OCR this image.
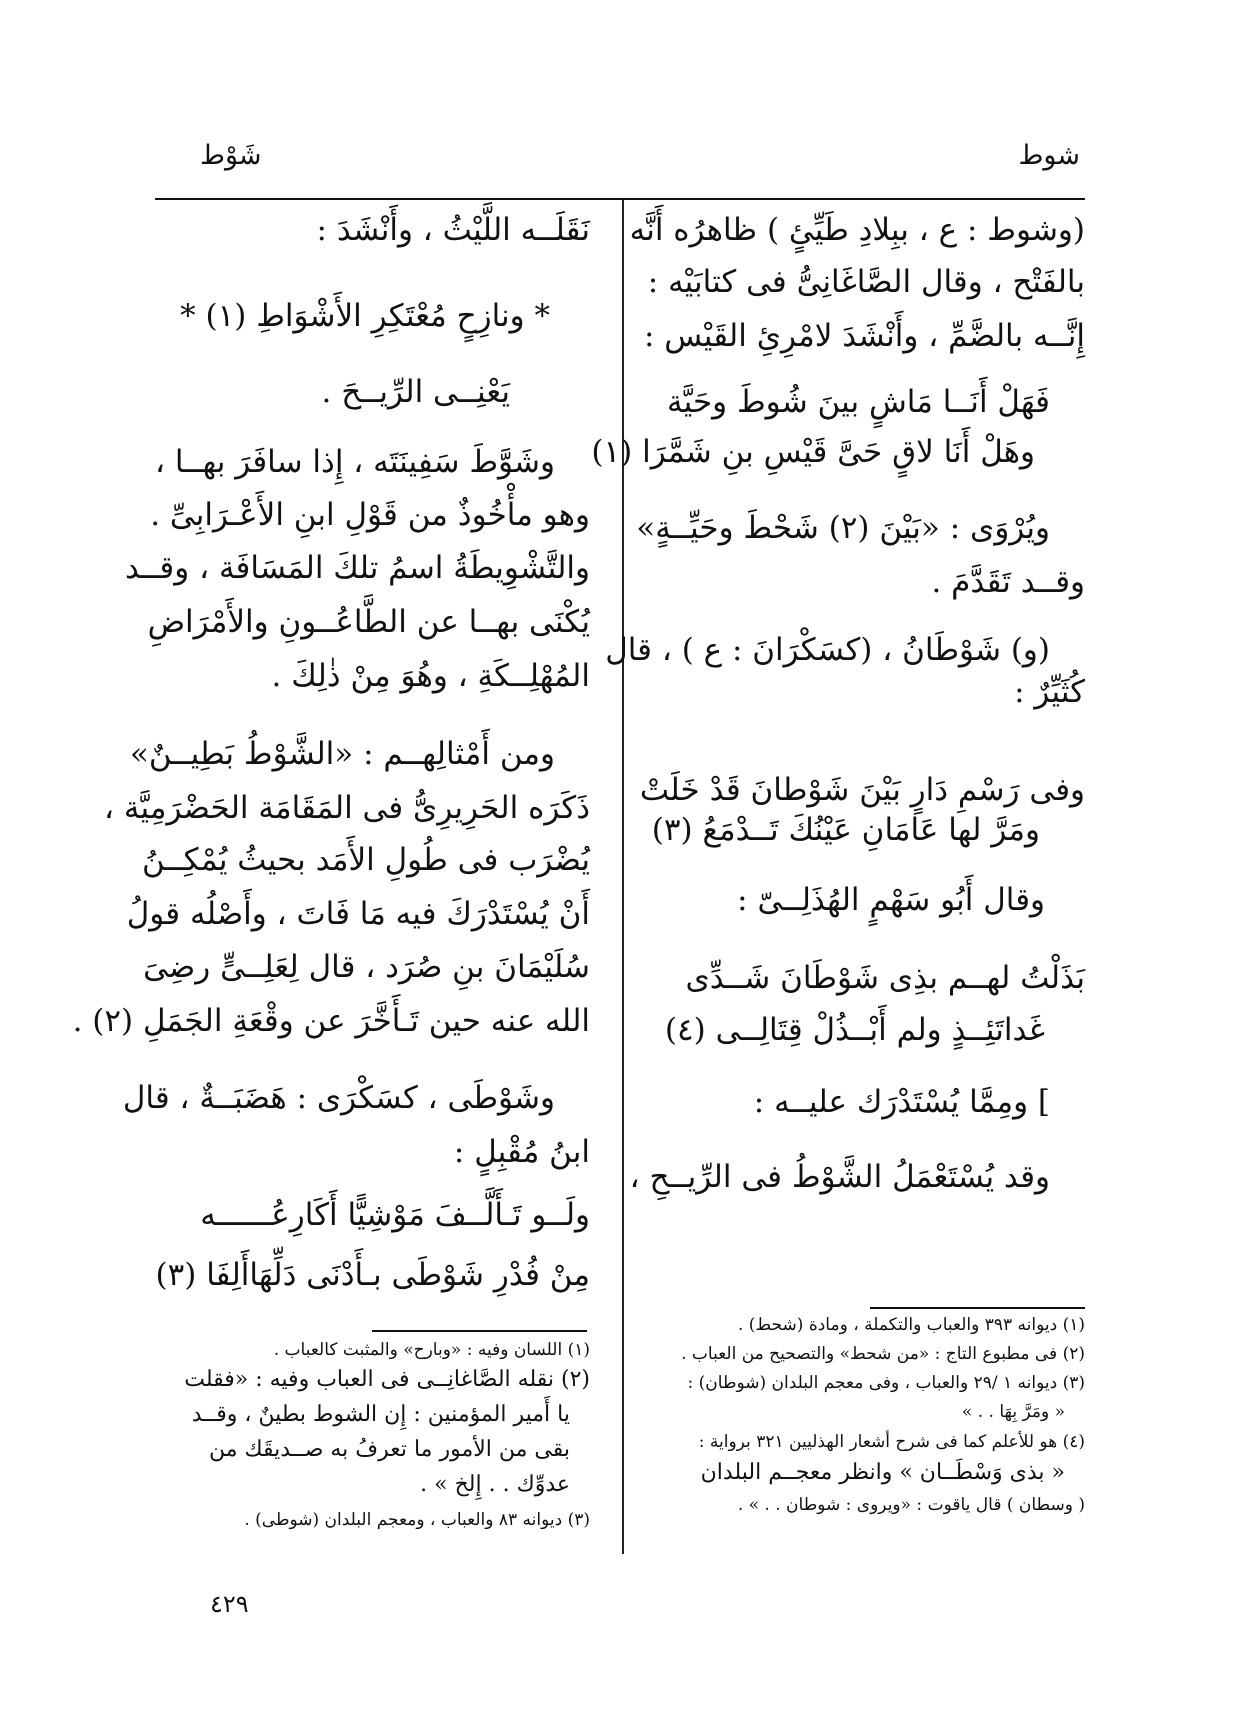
شوط
شَوْط
(وشوط : ع ، ببِلادِ طَيِّئٍ ) ظاهرُه أَنَّه
بالفَتْح ، وقال الصَّاغَانِىُّ فى كتابَيْه :
إِنَّــه بالضَّمِّ ، وأَنْشَدَ لامْرِئِ القَيْس :
فَهَلْ أَنَــا مَاشٍ بينَ شُوطَ وحَيَّة
وهَلْ أَنَا لاقٍ حَىَّ قَيْسِ بنِ شَمَّرَا (١)
ويُرْوَى : «بَيْنَ (٢) شَحْطَ وحَيِّــةٍ»
وقــد تَقَدَّمَ .
(و) شَوْطَانُ ، (كسَكْرَانَ : ع ) ، قال
كُثَيِّرٌ :
وفى رَسْمِ دَارٍ بَيْنَ شَوْطانَ قَدْ خَلَتْ
ومَرَّ لها عَامَانِ عَيْنُكَ تَــدْمَعُ (٣)
وقال أَبُو سَهْمٍ الهُذَلِــىّ :
بَذَلْتُ لهــم بذِى شَوْطَانَ شَــدِّى
غَداتَئِــذٍ ولم أَبْــذُلْ قِتَالِــى (٤)
] ومِمَّا يُسْتَدْرَك عليــه :
وقد يُسْتَعْمَلُ الشَّوْطُ فى الرِّيــحِ ،
(١) ديوانه ٣٩٣ والعباب والتكملة ، ومادة (شحط) .
(٢) فى مطبوع التاج : «من شحط» والتصحيح من العباب .
(٣) ديوانه ١ /٢٩ والعباب ، وفى معجم البلدان (شوطان) :
« ومَرَّ بِهَا . . »
(٤) هو للأعلم كما فى شرح أشعار الهذليين ٣٢١ برواية :
« بذى وَسْطَــان » وانظر معجــم البلدان
( وسطان ) قال ياقوت : «ويروى : شوطان . . » .
نَقَلَــه اللَّيْثُ ، وأَنْشَدَ :
* ونازِحٍ مُعْتَكِرِ الأَشْوَاطِ (١) *
يَعْنِــى الرِّيــحَ .
وشَوَّطَ سَفِينَتَه ، إِذا سافَرَ بهــا ،
وهو مأْخُوذٌ من قَوْلِ ابنِ الأَعْـرَابِىِّ .
والتَّشْوِيطَةُ اسمُ تلكَ المَسَافَة ، وقــد
يُكْنَى بهــا عن الطَّاعُــونِ والأَمْرَاضِ
المُهْلِــكَةِ ، وهُوَ مِنْ ذٰلِكَ .
ومن أَمْثالِهــم : «الشَّوْطُ بَطِيــنٌ»
ذَكَرَه الحَرِيرِىُّ فى المَقَامَة الحَضْرَمِيَّة ،
يُضْرَب فى طُولِ الأَمَد بحيثُ يُمْكِــنُ
أَنْ يُسْتَدْرَكَ فيه مَا فَاتَ ، وأَصْلُه قولُ
سُلَيْمَانَ بنِ صُرَد ، قال لِعَلِــىٍّ رضِىَ
الله عنه حين تَـأَخَّرَ عن وقْعَةِ الجَمَلِ (٢) .
وشَوْطَى ، كسَكْرَى : هَضَبَــةٌ ، قال
ابنُ مُقْبِلٍ :
ولَــو تَـأَلَّــفَ مَوْشِيًّا أَكَارِعُــــــه
مِنْ فُدْرِ شَوْطَى بـأَدْنَى دَلِّهَاأَلِفَا (٣)
(١) اللسان وفيه : «وبارح» والمثبت كالعباب .
(٢) نقله الصَّاغانِــى فى العباب وفيه : «فقلت
يا أَمير المؤمنين : إِن الشوط بطينٌ ، وقــد
بقى من الأمور ما تعرفُ به صــديقَك من
عدوِّك . . إِلخ » .
(٣) ديوانه ٨٣ والعباب ، ومعجم البلدان (شوطى) .
٤٢٩
